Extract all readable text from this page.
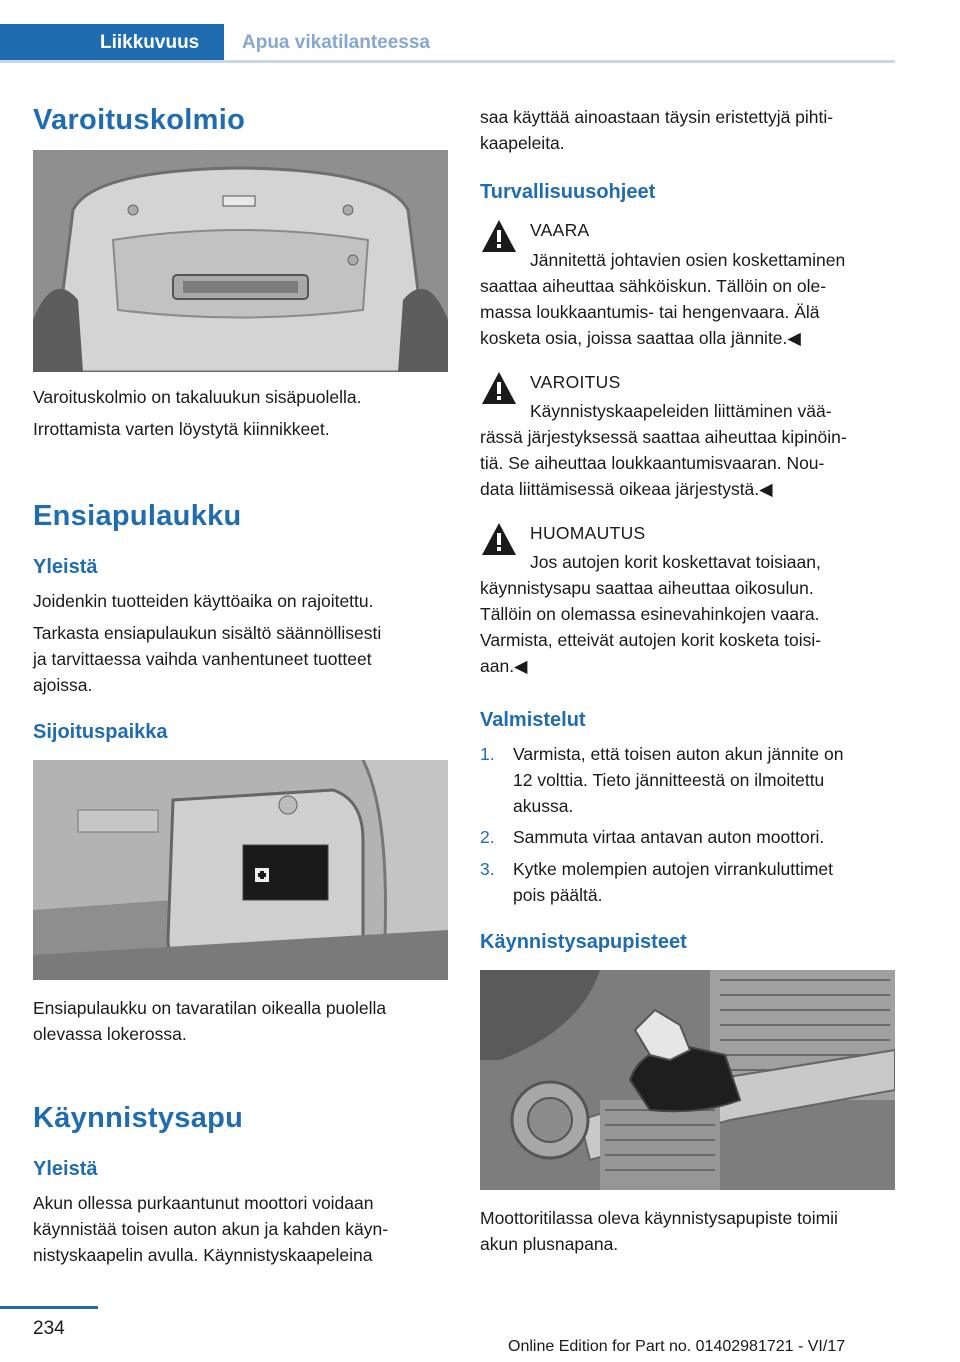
Liikkuvuus	Apua vikatilanteessa
Varoituskolmio
Varoituskolmio on takaluukun sisäpuolella.
Irrottamista varten löystytä kiinnikkeet.
Ensiapulaukku
Yleistä
Joidenkin tuotteiden käyttöaika on rajoitettu.
Tarkasta ensiapulaukun sisältö säännöllisesti
ja tarvittaessa vaihda vanhentuneet tuotteet
ajoissa.
Sijoituspaikka
Ensiapulaukku on tavaratilan oikealla puolella
olevassa lokerossa.
Käynnistysapu
Yleistä
Akun ollessa purkaantunut moottori voidaan
käynnistää toisen auton akun ja kahden käyn-
nistyskaapelin avulla. Käynnistyskaapeleina
saa käyttää ainoastaan täysin eristettyjä pihti-
kaapeleita.
Turvallisuusohjeet
VAARA
Jännitettä johtavien osien koskettaminen
saattaa aiheuttaa sähköiskun. Tällöin on ole-
massa loukkaantumis- tai hengenvaara. Älä
kosketa osia, joissa saattaa olla jännite.◀
VAROITUS
Käynnistyskaapeleiden liittäminen vää-
rässä järjestyksessä saattaa aiheuttaa kipinöin-
tiä. Se aiheuttaa loukkaantumisvaaran. Nou-
data liittämisessä oikeaa järjestystä.◀
HUOMAUTUS
Jos autojen korit koskettavat toisiaan,
käynnistysapu saattaa aiheuttaa oikosulun.
Tällöin on olemassa esinevahinkojen vaara.
Varmista, etteivät autojen korit kosketa toisi-
aan.◀
Valmistelut
1. Varmista, että toisen auton akun jännite on
12 volttia. Tieto jännitteestä on ilmoitettu
akussa.
2. Sammuta virtaa antavan auton moottori.
3. Kytke molempien autojen virrankuluttimet
pois päältä.
Käynnistysapupisteet
Moottoritilassa oleva käynnistysapupiste toimii
akun plusnapana.
234
Online Edition for Part no. 01402981721 - VI/17
